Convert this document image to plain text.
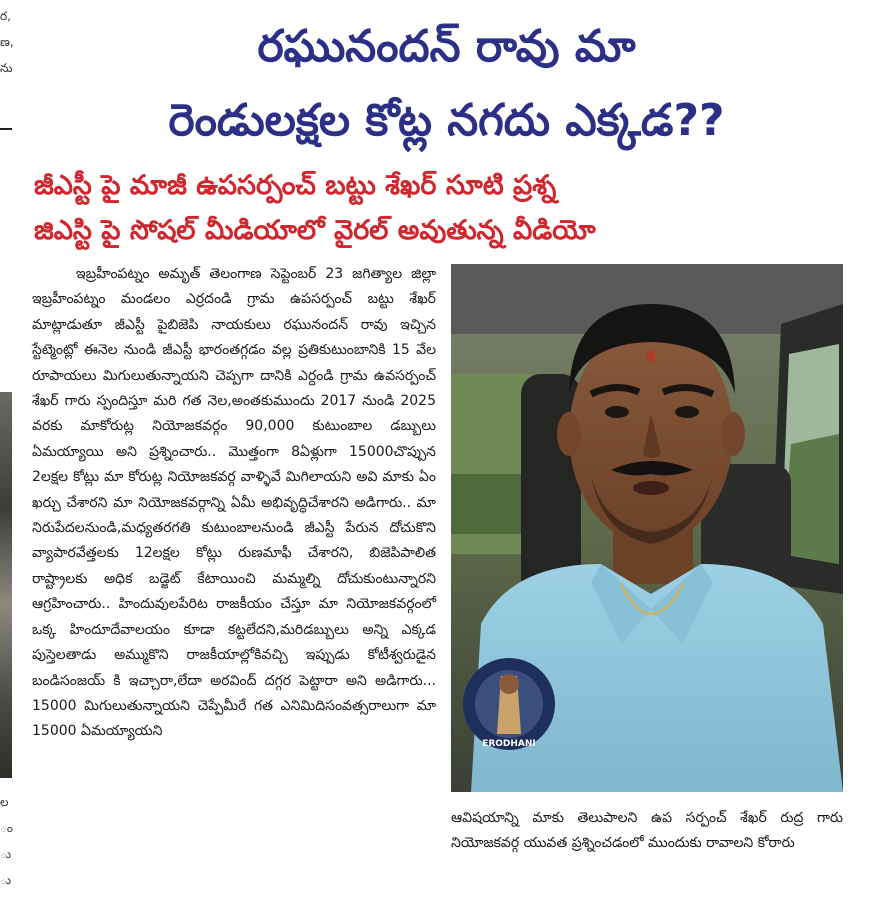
ర,
ణ,
ను
ల
ం
ు
ు
రఘునందన్ రావు మా
రెండులక్షల కోట్ల నగదు ఎక్కడ??
జీఎస్టీ పై మాజీ ఉపసర్పంచ్ బట్టు శేఖర్ సూటి ప్రశ్న
జిఎస్టి పై సోషల్ మీడియాలో వైరల్ అవుతున్న వీడియో

ఇబ్రహీంపట్నం అమృత్ తెలంగాణ సెప్టెంబర్ 23 జగిత్యాల జిల్లా ఇబ్రహీంపట్నం మండలం ఎర్రదండి గ్రామ ఉపసర్పంచ్ బట్టు శేఖర్ మాట్లాడుతూ జీఎస్టీ పైబిజెపి నాయకులు రఘునందన్ రావు ఇచ్చిన స్టేట్మెంట్లో ఈనెల నుండి జీఎస్టీ భారంతగ్గడం వల్ల ప్రతికుటుంబానికి 15 వేల రూపాయలు మిగులుతున్నాయని చెప్పగా దానికి ఎర్దండి గ్రామ ఉవసర్పంచ్ శేఖర్ గారు స్పందిస్తూ మరి గత నెల,అంతకుముందు 2017 నుండి 2025 వరకు మాకోరుట్ల నియోజకవర్గం 90,000 కుటుంబాల డబ్బులు ఏమయ్యాయి అని ప్రశ్నించారు.. మొత్తంగా 8ఏళ్లుగా 15000చొప్పున 2లక్షల కోట్లు మా కోరుట్ల నియోజకవర్గ వాళ్ళివే మిగిలాయని అవి మాకు ఏం ఖర్చు చేశారని మా నియోజకవర్గాన్ని ఏమీ అభివృద్ధిచేశారని అడిగారు.. మా నిరుపేదలనుండి,మధ్యతరగతి కుటుంబాలనుండి జీఎస్టీ పేరున దోచుకొని వ్యాపారవేత్తలకు 12లక్షల కోట్లు రుణమాఫీ చేశారని, బిజెపిపాలిత రాష్ట్రాలకు అధిక బడ్జెట్ కేటాయించి మమ్మల్ని దోచుకుంటున్నారని ఆగ్రహించారు.. హిందువులపేరిట రాజకీయం చేస్తూ మా నియోజకవర్గంలో ఒక్క హిందూదేవాలయం కూడా కట్టలేదని,మరిడబ్బులు అన్ని ఎక్కడ పుస్తెలతాడు అమ్ముకొని రాజకీయాల్లోకివచ్చి ఇప్పుడు కోటీశ్వరుడైన బండిసంజయ్ కి ఇచ్చారా,లేదా అరవింద్ దగ్గర పెట్టారా అని అడిగారు... 15000 మిగులుతున్నాయని చెప్పేమీరే గత ఎనిమిదిసంవత్సరాలుగా మా 15000 ఏమయ్యాయని

ERODHANI

ఆవిషయాన్ని మాకు తెలుపాలని ఉప సర్పంచ్ శేఖర్ రుద్ర గారు నియోజకవర్గ యువత ప్రశ్నించడంలో ముందుకు రావాలని కోరారు
